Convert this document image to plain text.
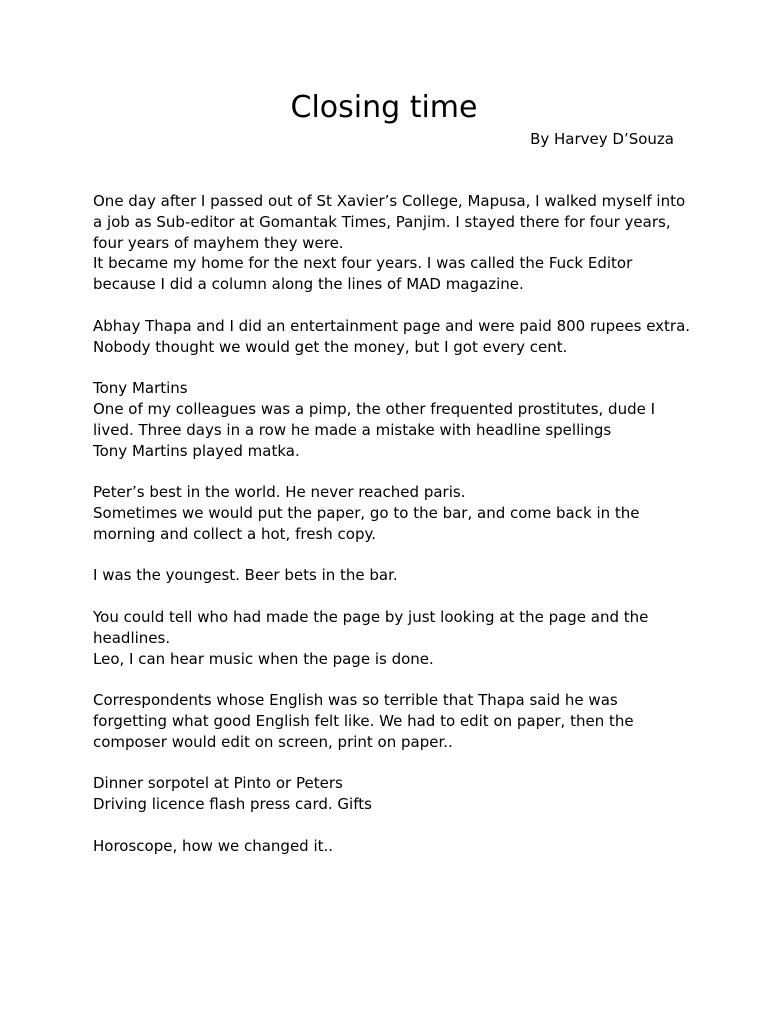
Closing time

By Harvey D’Souza

One day after I passed out of St Xavier’s College, Mapusa, I walked myself into
a job as Sub-editor at Gomantak Times, Panjim. I stayed there for four years,
four years of mayhem they were.
It became my home for the next four years. I was called the Fuck Editor
because I did a column along the lines of MAD magazine.

Abhay Thapa and I did an entertainment page and were paid 800 rupees extra.
Nobody thought we would get the money, but I got every cent.

Tony Martins
One of my colleagues was a pimp, the other frequented prostitutes, dude I
lived. Three days in a row he made a mistake with headline spellings
Tony Martins played matka.

Peter’s best in the world. He never reached paris.
Sometimes we would put the paper, go to the bar, and come back in the
morning and collect a hot, fresh copy.

I was the youngest. Beer bets in the bar.

You could tell who had made the page by just looking at the page and the
headlines.
Leo, I can hear music when the page is done.

Correspondents whose English was so terrible that Thapa said he was
forgetting what good English felt like. We had to edit on paper, then the
composer would edit on screen, print on paper..

Dinner sorpotel at Pinto or Peters
Driving licence flash press card. Gifts

Horoscope, how we changed it..
